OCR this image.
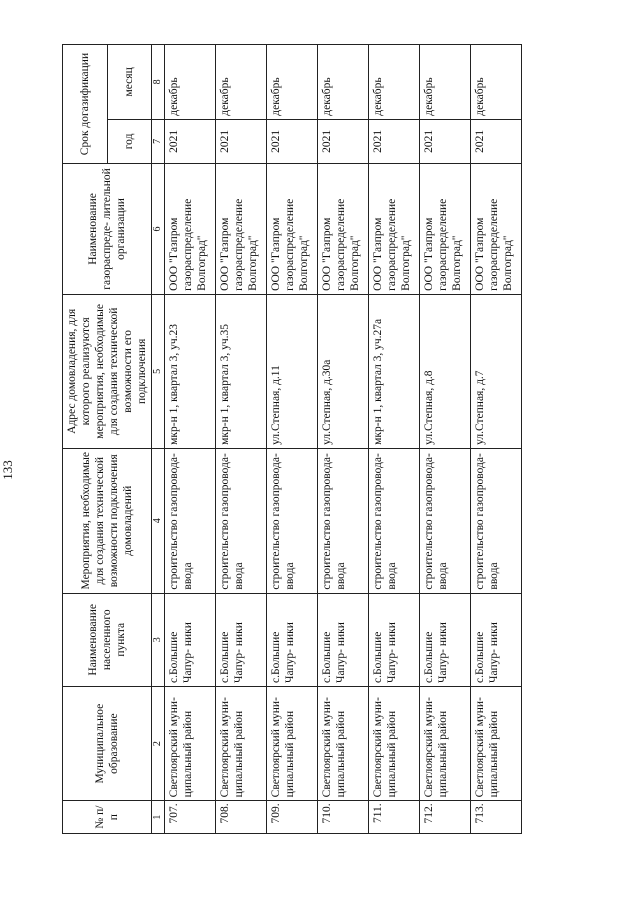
133
№ п/п	Муниципальное образование	Наименование населенного пункта	Мероприятия, необходимые для создания технической возможности подключения домовладений	Адрес домовладения, для которого реализуются мероприятия, необходимые для создания технической возможности его подключения	Наименование газораспреде- лительной организации	Срок догазификации	
						год	месяц
1	2	3	4	5	6	7	8
707.	Светлоярский муни- ципальный район	с.Большие Чапур- ники	строительство газопровода- ввода	мкр-н 1, квартал 3, уч.23	ООО "Газпром газораспределение Волгоград"	2021	декабрь
708.	Светлоярский муни- ципальный район	с.Большие Чапур- ники	строительство газопровода- ввода	мкр-н 1, квартал 3, уч.35	ООО "Газпром газораспределение Волгоград"	2021	декабрь
709.	Светлоярский муни- ципальный район	с.Большие Чапур- ники	строительство газопровода- ввода	ул.Степная, д.11	ООО "Газпром газораспределение Волгоград"	2021	декабрь
710.	Светлоярский муни- ципальный район	с.Большие Чапур- ники	строительство газопровода- ввода	ул.Степная, д.30а	ООО "Газпром газораспределение Волгоград"	2021	декабрь
711.	Светлоярский муни- ципальный район	с.Большие Чапур- ники	строительство газопровода- ввода	мкр-н 1, квартал 3, уч.27а	ООО "Газпром газораспределение Волгоград"	2021	декабрь
712.	Светлоярский муни- ципальный район	с.Большие Чапур- ники	строительство газопровода- ввода	ул.Степная, д.8	ООО "Газпром газораспределение Волгоград"	2021	декабрь
713.	Светлоярский муни- ципальный район	с.Большие Чапур- ники	строительство газопровода- ввода	ул.Степная, д.7	ООО "Газпром газораспределение Волгоград"	2021	декабрь
